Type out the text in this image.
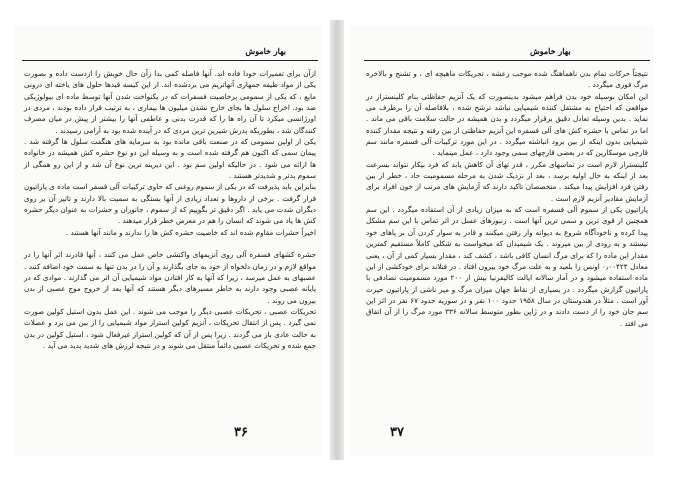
بهار خاموش

ازآن برای تعمیرات خودا فاده اند. آنها فاصله کمی بدا زآن حال خویش را ازدست داده و بصورت یکی از مواد ظیفه جمهاری آنهاتریم می بردشده اند. از این کیسه قیدها حلول های یاخته ای درونی مایع ، که یکی از سمومی پرخاصیت فسفرات که در یکنواخت شدن آنها توسط ماده ای بیولوژیکی ضد بود. اخراج سلول ها بجای خارج نشدن میلیون ها بیماری ، به ترتیب قرار داده بودند ، مردی در اورژانسی میکرد تا آن راه ها را که قدرت بدنی و عاطفی آنها را بیشتر از پیش در میان مصرف کنندگان شد ، بطوریکه پدرش شیرین ترین مردی که در آینده شده بود به آرامی رسیدند .

یکی از اولین سمومی که در صنعت باقی مانده بود به سرمایه های هنگفت سلول ها گرفته شد . پیمان سمی که اکنون هم گرفته شده است و به وسیله این دو نوع حشره کش همیشه در خانواده ها ارائه می شود . در حالیکه اولین سم بود . این دیرینه ترین نوع آن شد و از این رو همگی از سموم بدتر و شدیدتر هستند .

بنابراین باید پذیرفت که در یکی از سموم روغنی که حاوی ترکیبات آلی فسفر است ماده ی پاراتیون قرار گرفت . برخی از داروها و تعداد زیادی از آنها بستگی به سمیت بالا دارند و تاثیر آن بر روی دیگران شدت می یابد . اگر دقیق تر بگوییم که از سموم ، جانوران و حشرات به عنوان دیگر حشره کش ها یاد می شوند که انسان را هم در معرض خطر قرار میدهند .

اخیراً حشرات مقاوم شده اند که خاصیت حشره کش ها را ندارند و مانند آنها هستند .

حشره کشهای فسفره آلی روی آنزیمهای واکنشی خاص عمل می کنند ، آنها قادرند اثر آنها را در مواقع لازم و در زمان دلخواه از خود به جای بگذارند و آن را در بدن تنها به سمت خود اضافه کنند . عصبهای به عمل میرسد ، زیرا که آنها به کار افتادن مواد شیمیایی آن اثر می گذارند . موادی که در پایانه عصبی وجود دارند به خاطر مسیرهای دیگر هستند که آنها بعد از خروج موج عصبی از بدن بیرون می روند .

تحریکات عصبی ، تحریکات عصبی دیگر را موجب می شوند . این عمل بدون استیل کولین صورت نمی گیرد . پس از انتقال تحریکات ، آنزیم کولین استراز مواد شیمیایی را از بین می برد و عضلات به حالت عادی باز می گردند . زیرا پس از آن که کولین استراز غیرفعال شود ، استیل کولین در بدن جمع شده و تحریکات عصبی دائماً منتقل می شوند و در نتیجه لرزش های شدید پدید می آید .

۳۶
بهار خاموش

نتیجتاً حرکات تمام بدن ناهماهنگ شده موجب رعشه ، تحریکات ماهیچه ای ، و تشنج و بالاخره مرگ فوری میگردد .

این امکان بوسیله خود بدن فراهم میشود بدینصورت که یک آنزیم حفاظتی بنام کلینستراز در مواقعی که احتیاج به مشتقل کننده شیمیایی نباشد ترشح شده ، بلافاصله آن را برطرف می نماید . بدین وسیله تعادل دقیق برقرار میگردد و بدن همیشه در حالت سلامت باقی می ماند . اما در تماس با حشره کش های آلی فسفره این آنزیم حفاظتی از بین رفته و نتیجه مقدار کننده شیمیایی بدون اینکه از بین برود انباشته میگردد . در این مورد ترکیبات آلی فسفره مانند سم قارچی موسکارین که در بعضی قارچهای سمی وجود دارد ، عمل مینماید .

کلینستراز لازم است در تماسهای مکرر ، قدر تهای آن کاهش یابد که فرد بیکار نتواند بسرعت بعد از اینکه به حال اولیه برسد ، بعد از نزدیک شدن به مرحله مسمومیت حاد ، خطر از بین رفتن فرد افزایش پیدا میکند . متخصصان تاکید دارند که آزمایش های مرتب از خون افراد برای آزمایش مقادیر آنزیم لازم است .

پاراتیون یکی از سموم آلی فسفره است که به میزان زیادی از آن استفاده میگردد . این سم همچنین از قوی ترین و سمی ترین آنها است . زنبورهای عسل در اثر تماس با این سم مشکل پیدا کرده و ناخودآگاه شروع به دیوانه وار رفتن میکنند و قادر به سوار کردن آن بر پاهای خود نیستند و به زودی از بین میروند . یک شیمیدان که میخواست به شکلی کاملاً مستقیم کمترین مقدار این ماده را که برای مرگ انسان کافی باشد ، کشف کند ، مقدار بسیار کمی از آن ، یعنی معادل ۰٫۰۰۴۲۴ اونس را بلعید و به علت مرگ خود بیرون افتاد . در فنلاند برای خودکشی از این ماده استفاده میشود و در آمار سالانه ایالت کالیفرنیا بیش از ۲۰۰ مورد مسمومیت تصادفی با پاراتیون گزارش میگردد . در بسیاری از نقاط جهان میزان مرگ و میر ناشی از پاراتیون حیرت آور است . مثلاً در هندوستان در سال ۱۹۵۸ حدود ۱۰۰ نفر و در سوریه حدود ۶۷ نفر در اثر این سم جان خود را از دست دادند و در ژاپن بطور متوسط سالانه ۳۳۶ مورد مرگ زا از آن اتفاق می افتد .

۳۷
